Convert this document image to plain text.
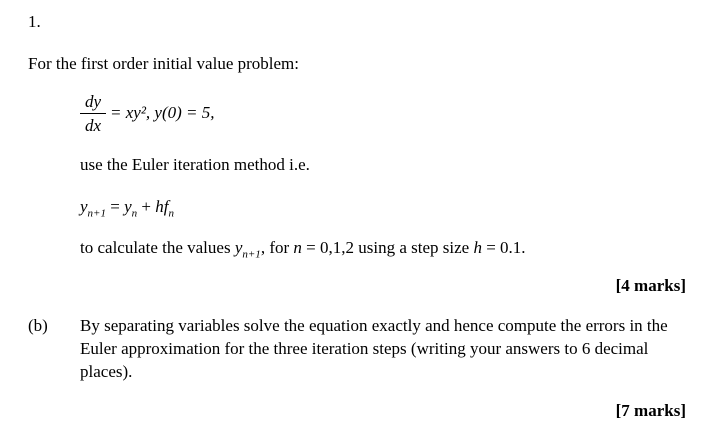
1.
For the first order initial value problem:
dy
dx
= xy², y(0) = 5,
use the Euler iteration method i.e.
$y_{n+1} = y_n + hf_n$
to calculate the values $y_{n+1}$, for n = 0,1,2 using a step size h = 0.1.
[4 marks]
(b) By separating variables solve the equation exactly and hence compute the errors in the
Euler approximation for the three iteration steps (writing your answers to 6 decimal
places).
[7 marks]
